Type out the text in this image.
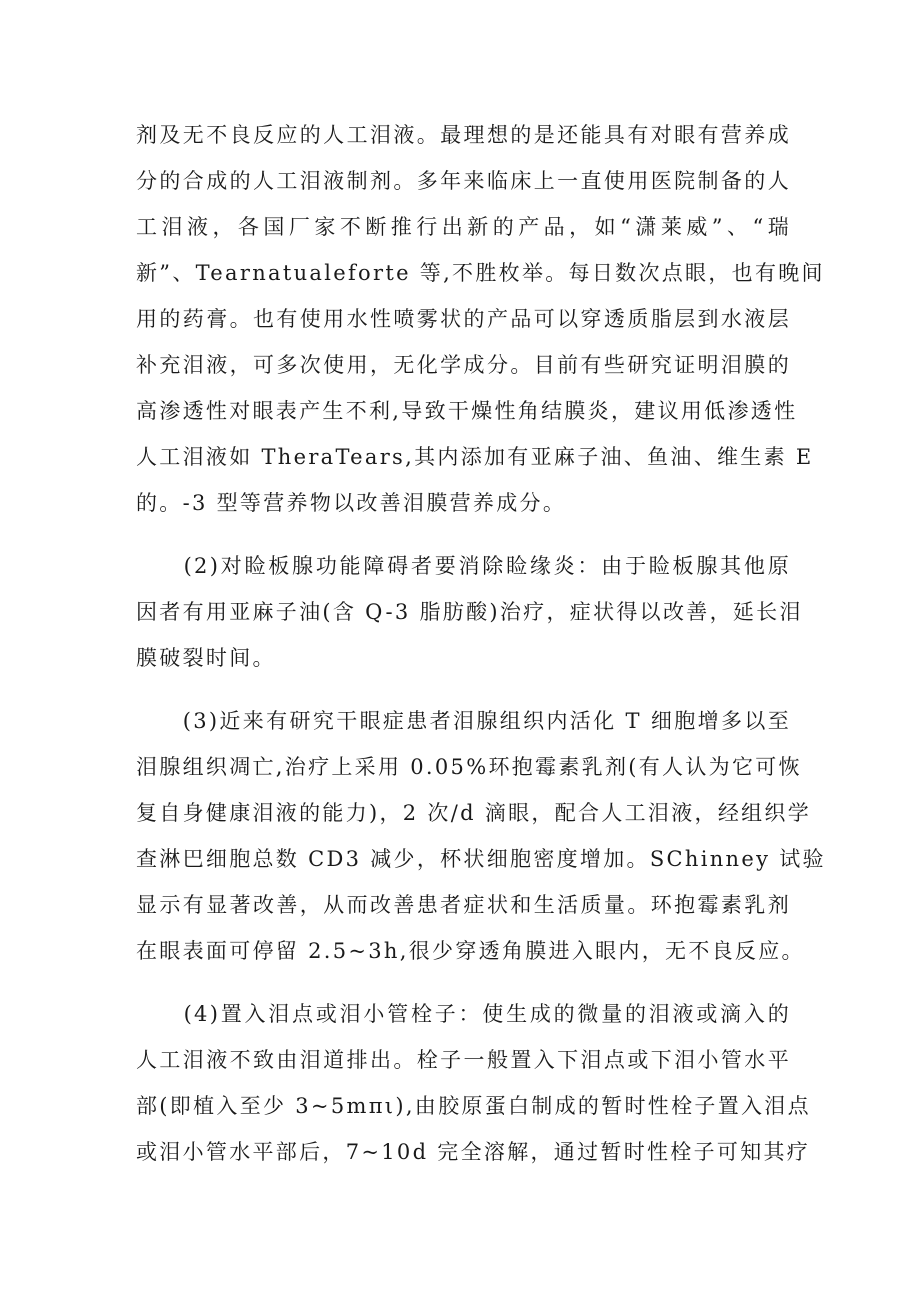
剂及无不良反应的人工泪液。最理想的是还能具有对眼有营养成
分的合成的人工泪液制剂。多年来临床上一直使用医院制备的人
工泪液，各国厂家不断推行出新的产品，如“潇莱威”、“瑞
新”、Tearnatualeforte 等,不胜枚举。每日数次点眼，也有晚间
用的药膏。也有使用水性喷雾状的产品可以穿透质脂层到水液层
补充泪液，可多次使用，无化学成分。目前有些研究证明泪膜的
高渗透性对眼表产生不利,导致干燥性角结膜炎，建议用低渗透性
人工泪液如 TheraTears,其内添加有亚麻子油、鱼油、维生素 E
的。-3 型等营养物以改善泪膜营养成分。
　　(2)对睑板腺功能障碍者要消除睑缘炎：由于睑板腺其他原
因者有用亚麻子油(含 Q-3 脂肪酸)治疗，症状得以改善，延长泪
膜破裂时间。
　　(3)近来有研究干眼症患者泪腺组织内活化 T 细胞增多以至
泪腺组织凋亡,治疗上采用 0.05%环抱霉素乳剂(有人认为它可恢
复自身健康泪液的能力)，2 次/d 滴眼，配合人工泪液，经组织学
查淋巴细胞总数 CD3 减少，杯状细胞密度增加。SChinney 试验
显示有显著改善，从而改善患者症状和生活质量。环抱霉素乳剂
在眼表面可停留 2.5~3h,很少穿透角膜进入眼内，无不良反应。
　　(4)置入泪点或泪小管栓子：使生成的微量的泪液或滴入的
人工泪液不致由泪道排出。栓子一般置入下泪点或下泪小管水平
部(即植入至少 3~5mπι),由胶原蛋白制成的暂时性栓子置入泪点
或泪小管水平部后，7~10d 完全溶解，通过暂时性栓子可知其疗
